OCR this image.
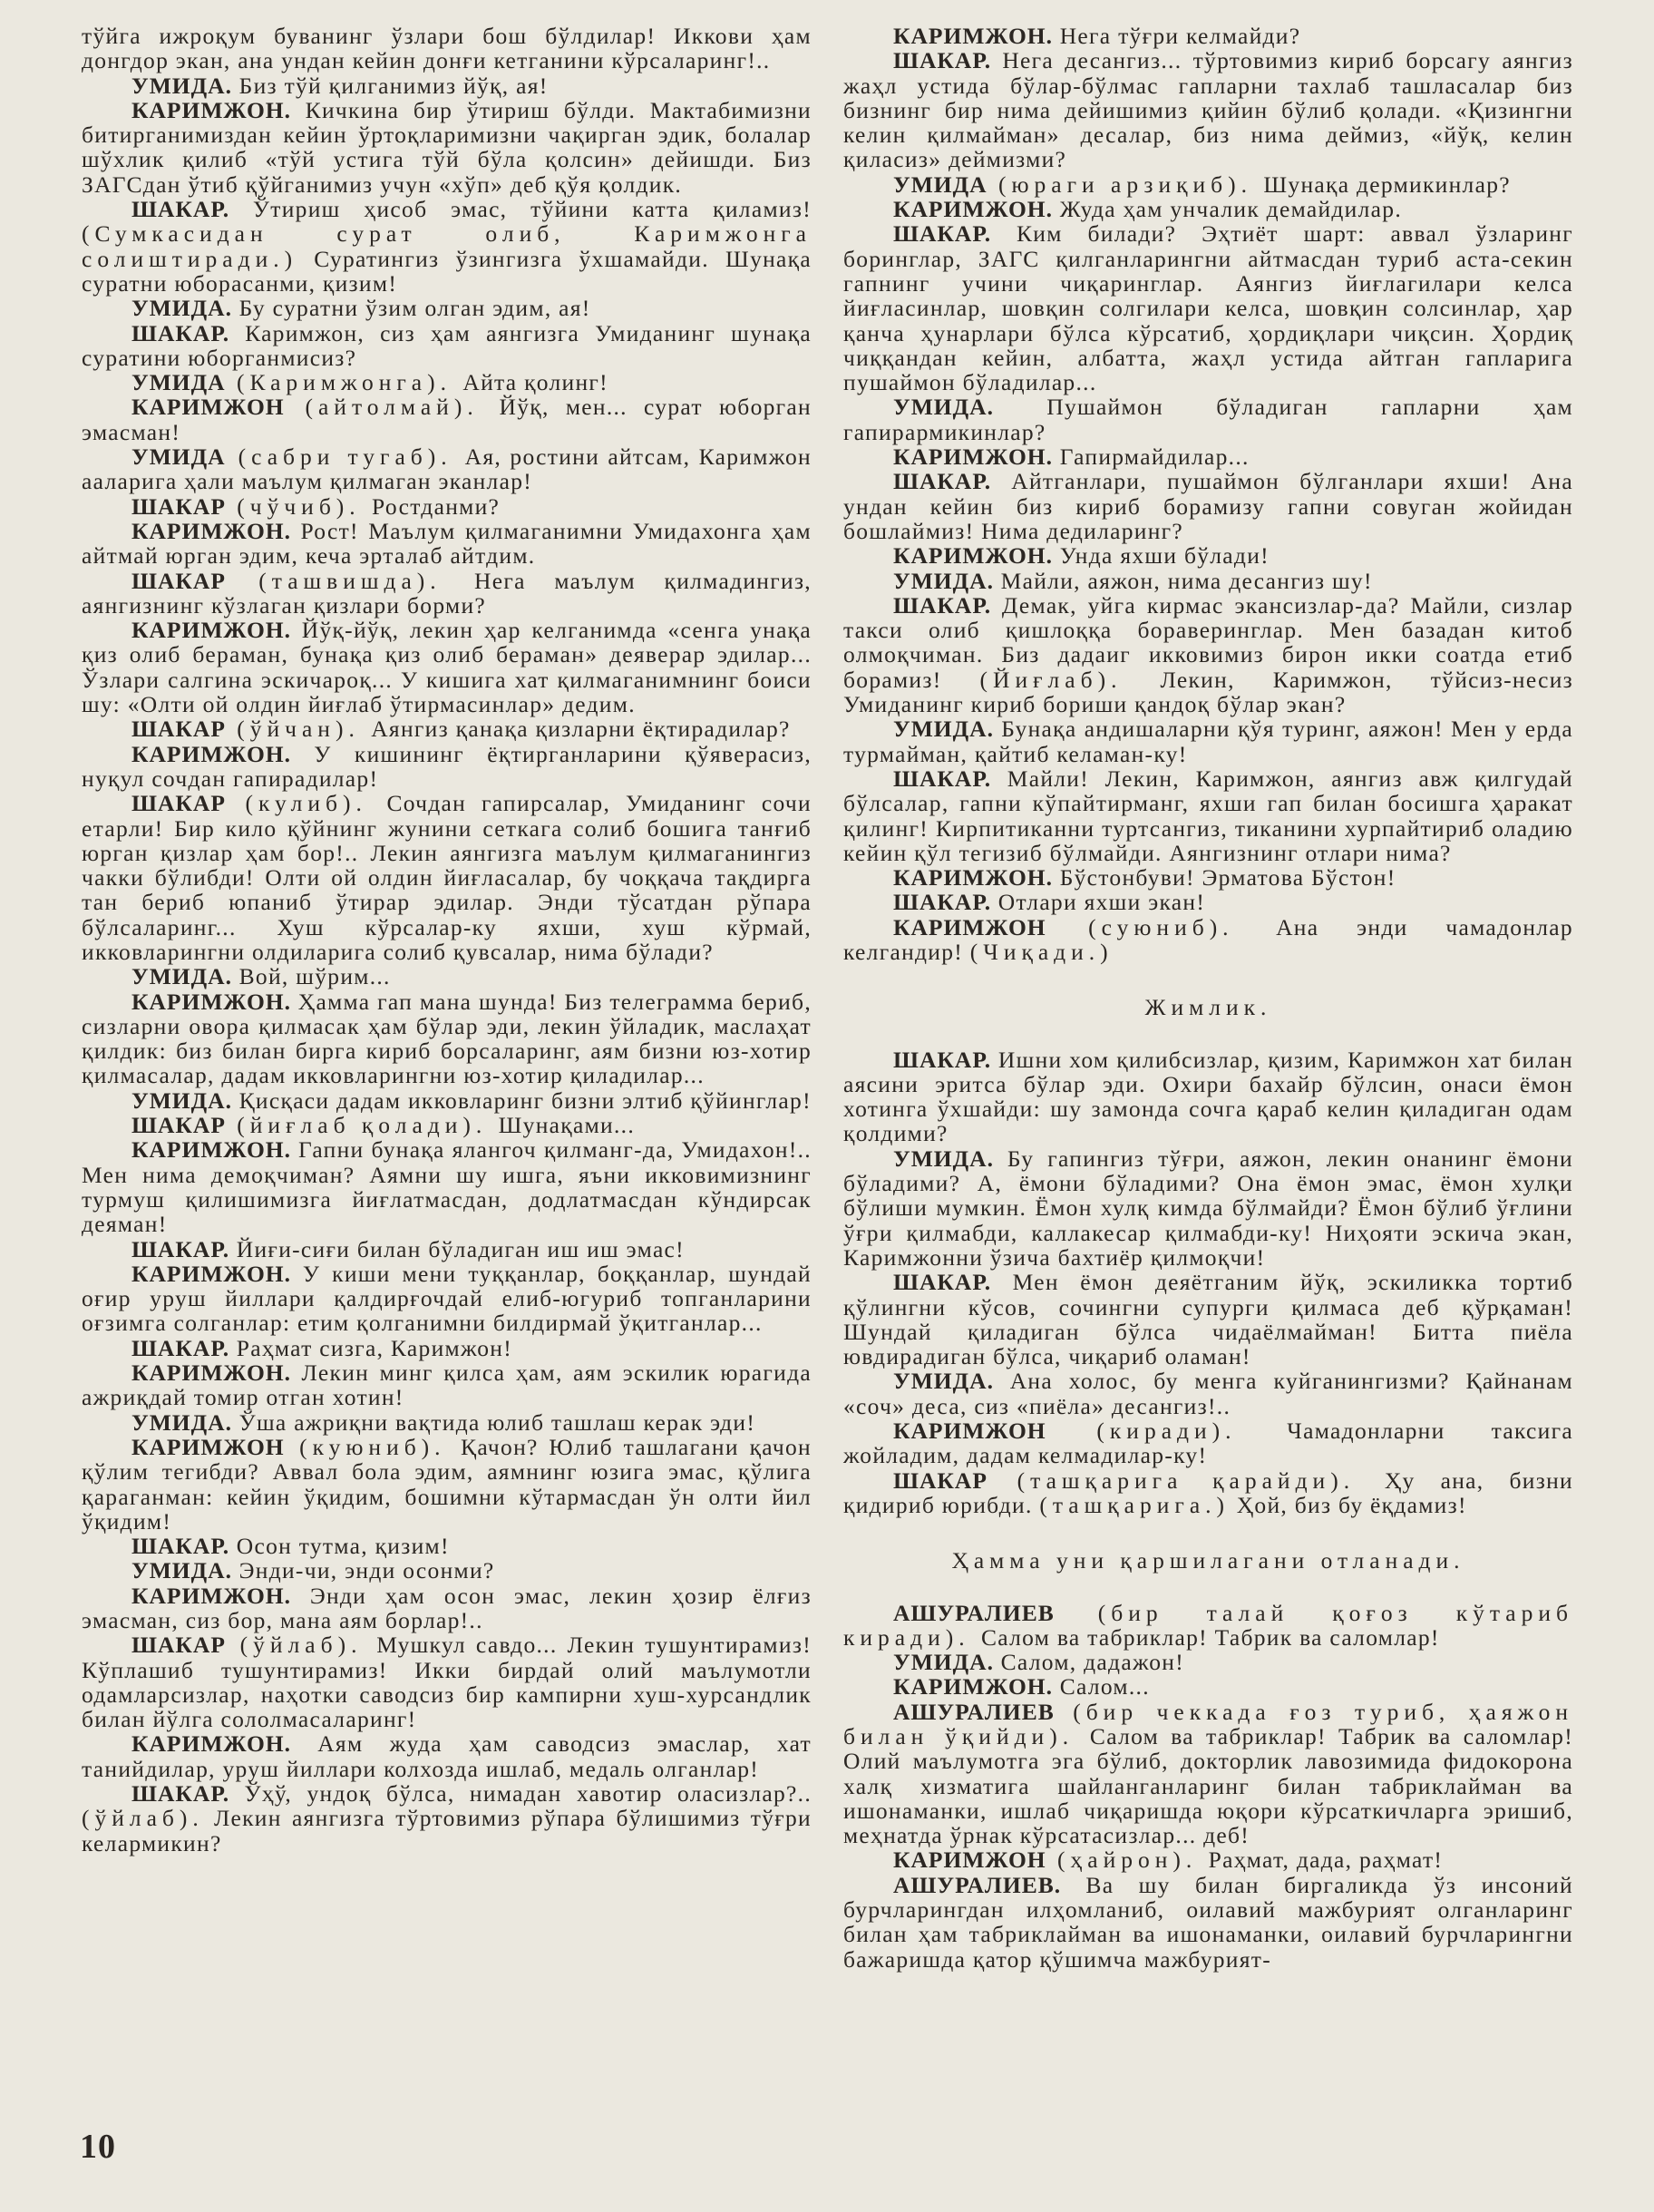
тўйга ижроқум буванинг ўзлари бош бўлдилар! Иккови ҳам донгдор экан, ана ундан кейин донғи кетганини кўрсаларинг!..

УМИДА. Биз тўй қилганимиз йўқ, ая!

КАРИМЖОН. Кичкина бир ўтириш бўлди. Мактабимизни битирганимиздан кейин ўртоқларимизни чақирган эдик, болалар шўхлик қилиб «тўй устига тўй бўла қолсин» дейишди. Биз ЗАГСдан ўтиб қўйганимиз учун «хўп» деб қўя қолдик.

ШАКАР. Ўтириш ҳисоб эмас, тўйини катта қиламиз! (Сумкасидан сурат олиб, Каримжонга солиштиради.) Суратингиз ўзингизга ўхшамайди. Шунақа суратни юборасанми, қизим!

УМИДА. Бу суратни ўзим олган эдим, ая!

ШАКАР. Каримжон, сиз ҳам аянгизга Умиданинг шунақа суратини юборганмисиз?

УМИДА (Каримжонга). Айта қолинг!

КАРИМЖОН (айтолмай). Йўқ, мен... сурат юборган эмасман!

УМИДА (сабри тугаб). Ая, ростини айтсам, Каримжон ааларига ҳали маълум қилмаган эканлар!

ШАКАР (чўчиб). Ростданми?

КАРИМЖОН. Рост! Маълум қилмаганимни Умидахонга ҳам айтмай юрган эдим, кеча эрталаб айтдим.

ШАКАР (ташвишда). Нега маълум қилмадингиз, аянгизнинг кўзлаган қизлари борми?

КАРИМЖОН. Йўқ-йўқ, лекин ҳар келганимда «сенга унақа қиз олиб бераман, бунақа қиз олиб бераман» деяверар эдилар... Ўзлари салгина эскичароқ... У кишига хат қилмаганимнинг боиси шу: «Олти ой олдин йиғлаб ўтирмасинлар» дедим.

ШАКАР (ўйчан). Аянгиз қанақа қизларни ёқтирадилар?

КАРИМЖОН. У кишининг ёқтирганларини қўяверасиз, нуқул сочдан гапирадилар!

ШАКАР (кулиб). Сочдан гапирсалар, Умиданинг сочи етарли! Бир кило қўйнинг жунини сеткага солиб бошига танғиб юрган қизлар ҳам бор!.. Лекин аянгизга маълум қилмаганингиз чакки бўлибди! Олти ой олдин йиғласалар, бу чоққача тақдирга тан бериб юпаниб ўтирар эдилар. Энди тўсатдан рўпара бўлсаларинг... Хуш кўрсалар-ку яхши, хуш кўрмай, икковларингни олдиларига солиб қувсалар, нима бўлади?

УМИДА. Вой, шўрим...

КАРИМЖОН. Ҳамма гап мана шунда! Биз телеграмма бериб, сизларни овора қилмасак ҳам бўлар эди, лекин ўйладик, маслаҳат қилдик: биз билан бирга кириб борсаларинг, аям бизни юз-хотир қилмасалар, дадам икковларингни юз-хотир қиладилар...

УМИДА. Қисқаси дадам икковларинг бизни элтиб қўйинглар!

ШАКАР (йиғлаб қолади). Шунақами...

КАРИМЖОН. Гапни бунақа ялангоч қилманг-да, Умидахон!.. Мен нима демоқчиман? Аямни шу ишга, яъни икковимизнинг турмуш қилишимизга йиғлатмасдан, додлатмасдан кўндирсак деяман!

ШАКАР. Йиғи-сиғи билан бўладиган иш иш эмас!

КАРИМЖОН. У киши мени туққанлар, боққанлар, шундай оғир уруш йиллари қалдирғочдай елиб-югуриб топганларини оғзимга солганлар: етим қолганимни билдирмай ўқитганлар...

ШАКАР. Раҳмат сизга, Каримжон!

КАРИМЖОН. Лекин минг қилса ҳам, аям эскилик юрагида ажриқдай томир отган хотин!

УМИДА. Ўша ажриқни вақтида юлиб ташлаш керак эди!

КАРИМЖОН (куюниб). Қачон? Юлиб ташлагани қачон қўлим тегибди? Аввал бола эдим, аямнинг юзига эмас, қўлига қараганман: кейин ўқидим, бошимни кўтармасдан ўн олти йил ўқидим!

ШАКАР. Осон тутма, қизим!

УМИДА. Энди-чи, энди осонми?

КАРИМЖОН. Энди ҳам осон эмас, лекин ҳозир ёлғиз эмасман, сиз бор, мана аям борлар!..

ШАКАР (ўйлаб). Мушкул савдо... Лекин тушунтирамиз! Кўплашиб тушунтирамиз! Икки бирдай олий маълумотли одамларсизлар, наҳотки саводсиз бир кампирни хуш-хурсандлик билан йўлга сололмасаларинг!

КАРИМЖОН. Аям жуда ҳам саводсиз эмаслар, хат танийдилар, уруш йиллари колхозда ишлаб, медаль олганлар!

ШАКАР. Ўҳў, ундоқ бўлса, нимадан хавотир оласизлар?.. (ўйлаб). Лекин аянгизга тўртовимиз рўпара бўлишимиз тўғри келармикин?

КАРИМЖОН. Нега тўғри келмайди?

ШАКАР. Нега десангиз... тўртовимиз кириб борсагу аянгиз жаҳл устида бўлар-бўлмас гапларни тахлаб ташласалар биз бизнинг бир нима дейишимиз қийин бўлиб қолади. «Қизингни келин қилмайман» десалар, биз нима деймиз, «йўқ, келин қиласиз» деймизми?

УМИДА (юраги арзиқиб). Шунақа дермикинлар?

КАРИМЖОН. Жуда ҳам унчалик демайдилар.

ШАКАР. Ким билади? Эҳтиёт шарт: аввал ўзларинг боринглар, ЗАГС қилганларингни айтмасдан туриб аста-секин гапнинг учини чиқаринглар. Аянгиз йиғлагилари келса йиғласинлар, шовқин солгилари келса, шовқин солсинлар, ҳар қанча ҳунарлари бўлса кўрсатиб, ҳордиқлари чиқсин. Ҳордиқ чиққандан кейин, албатта, жаҳл устида айтган гапларига пушаймон бўладилар...

УМИДА. Пушаймон бўладиган гапларни ҳам гапирармикинлар?

КАРИМЖОН. Гапирмайдилар...

ШАКАР. Айтганлари, пушаймон бўлганлари яхши! Ана ундан кейин биз кириб борамизу гапни совуган жойидан бошлаймиз! Нима дедиларинг?

КАРИМЖОН. Унда яхши бўлади!

УМИДА. Майли, аяжон, нима десангиз шу!

ШАКАР. Демак, уйга кирмас экансизлар-да? Майли, сизлар такси олиб қишлоққа бораверинглар. Мен базадан китоб олмоқчиман. Биз дадаиг икковимиз бирон икки соатда етиб борамиз! (Йиғлаб). Лекин, Каримжон, тўйсиз-несиз Умиданинг кириб бориши қандоқ бўлар экан?

УМИДА. Бунақа андишаларни қўя туринг, аяжон! Мен у ерда турмайман, қайтиб келаман-ку!

ШАКАР. Майли! Лекин, Каримжон, аянгиз авж қилгудай бўлсалар, гапни кўпайтирманг, яхши гап билан босишга ҳаракат қилинг! Кирпитиканни туртсангиз, тиканини хурпайтириб оладию кейин қўл тегизиб бўлмайди. Аянгизнинг отлари нима?

КАРИМЖОН. Бўстонбуви! Эрматова Бўстон!

ШАКАР. Отлари яхши экан!

КАРИМЖОН (суюниб). Ана энди чамадонлар келгандир! (Чиқади.)

Жимлик.

ШАКАР. Ишни хом қилибсизлар, қизим, Каримжон хат билан аясини эритса бўлар эди. Охири бахайр бўлсин, онаси ёмон хотинга ўхшайди: шу замонда сочга қараб келин қиладиган одам қолдими?

УМИДА. Бу гапингиз тўғри, аяжон, лекин онанинг ёмони бўладими? А, ёмони бўладими? Она ёмон эмас, ёмон хулқи бўлиши мумкин. Ёмон хулқ кимда бўлмайди? Ёмон бўлиб ўғлини ўғри қилмабди, каллакесар қилмабди-ку! Ниҳояти эскича экан, Каримжонни ўзича бахтиёр қилмоқчи!

ШАКАР. Мен ёмон деяётганим йўқ, эскиликка тортиб қўлингни кўсов, сочингни супурги қилмаса деб қўрқаман! Шундай қиладиган бўлса чидаёлмайман! Битта пиёла ювдирадиган бўлса, чиқариб оламан!

УМИДА. Ана холос, бу менга куйганингизми? Қайнанам «соч» деса, сиз «пиёла» десангиз!..

КАРИМЖОН (киради). Чамадонларни таксига жойладим, дадам келмадилар-ку!

ШАКАР (ташқарига қарайди). Ҳу ана, бизни қидириб юрибди. (ташқарига.) Ҳой, биз бу ёқдамиз!

Ҳамма уни қаршилагани отланади.

АШУРАЛИЕВ (бир талай қоғоз кўтариб киради). Салом ва табриклар! Табрик ва саломлар!

УМИДА. Салом, дадажон!

КАРИМЖОН. Салом...

АШУРАЛИЕВ (бир чеккада ғоз туриб, ҳаяжон билан ўқийди). Салом ва табриклар! Табрик ва саломлар! Олий маълумотга эга бўлиб, докторлик лавозимида фидокорона халқ хизматига шайланганларинг билан табриклайман ва ишонаманки, ишлаб чиқаришда юқори кўрсаткичларга эришиб, меҳнатда ўрнак кўрсатасизлар... деб!

КАРИМЖОН (ҳайрон). Раҳмат, дада, раҳмат!

АШУРАЛИЕВ. Ва шу билан биргаликда ўз инсоний бурчларингдан илҳомланиб, оилавий мажбурият олганларинг билан ҳам табриклайман ва ишонаманки, оилавий бурчларингни бажаришда қатор қўшимча мажбурият-

10
